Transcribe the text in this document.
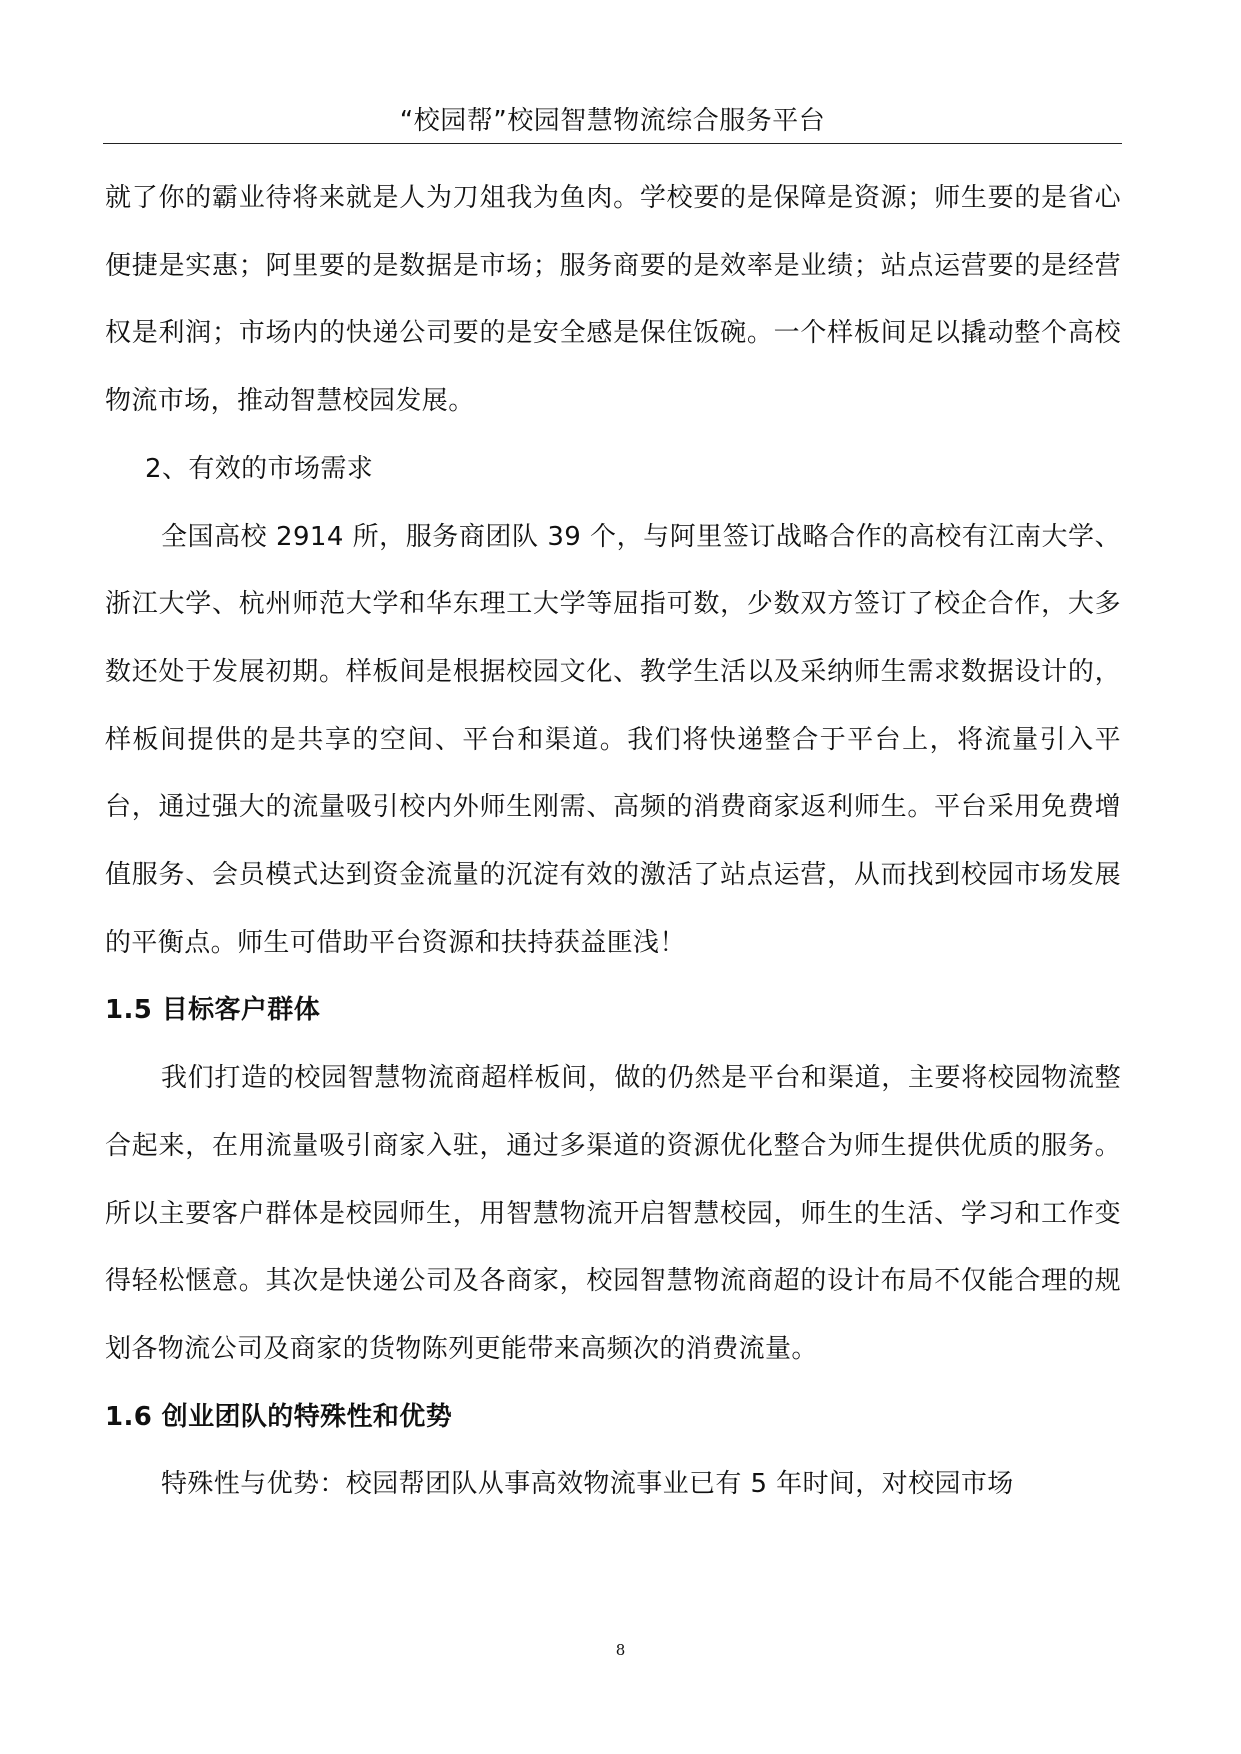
“校园帮”校园智慧物流综合服务平台

就了你的霸业待将来就是人为刀俎我为鱼肉。学校要的是保障是资源；师生要的是省心便捷是实惠；阿里要的是数据是市场；服务商要的是效率是业绩；站点运营要的是经营权是利润；市场内的快递公司要的是安全感是保住饭碗。一个样板间足以撬动整个高校物流市场，推动智慧校园发展。

2、有效的市场需求

全国高校 2914 所，服务商团队 39 个，与阿里签订战略合作的高校有江南大学、浙江大学、杭州师范大学和华东理工大学等屈指可数，少数双方签订了校企合作，大多数还处于发展初期。样板间是根据校园文化、教学生活以及采纳师生需求数据设计的，样板间提供的是共享的空间、平台和渠道。我们将快递整合于平台上，将流量引入平台，通过强大的流量吸引校内外师生刚需、高频的消费商家返利师生。平台采用免费增值服务、会员模式达到资金流量的沉淀有效的激活了站点运营，从而找到校园市场发展的平衡点。师生可借助平台资源和扶持获益匪浅！

1.5 目标客户群体

我们打造的校园智慧物流商超样板间，做的仍然是平台和渠道，主要将校园物流整合起来，在用流量吸引商家入驻，通过多渠道的资源优化整合为师生提供优质的服务。所以主要客户群体是校园师生，用智慧物流开启智慧校园，师生的生活、学习和工作变得轻松惬意。其次是快递公司及各商家，校园智慧物流商超的设计布局不仅能合理的规划各物流公司及商家的货物陈列更能带来高频次的消费流量。

1.6 创业团队的特殊性和优势

特殊性与优势：校园帮团队从事高效物流事业已有 5 年时间，对校园市场

8
